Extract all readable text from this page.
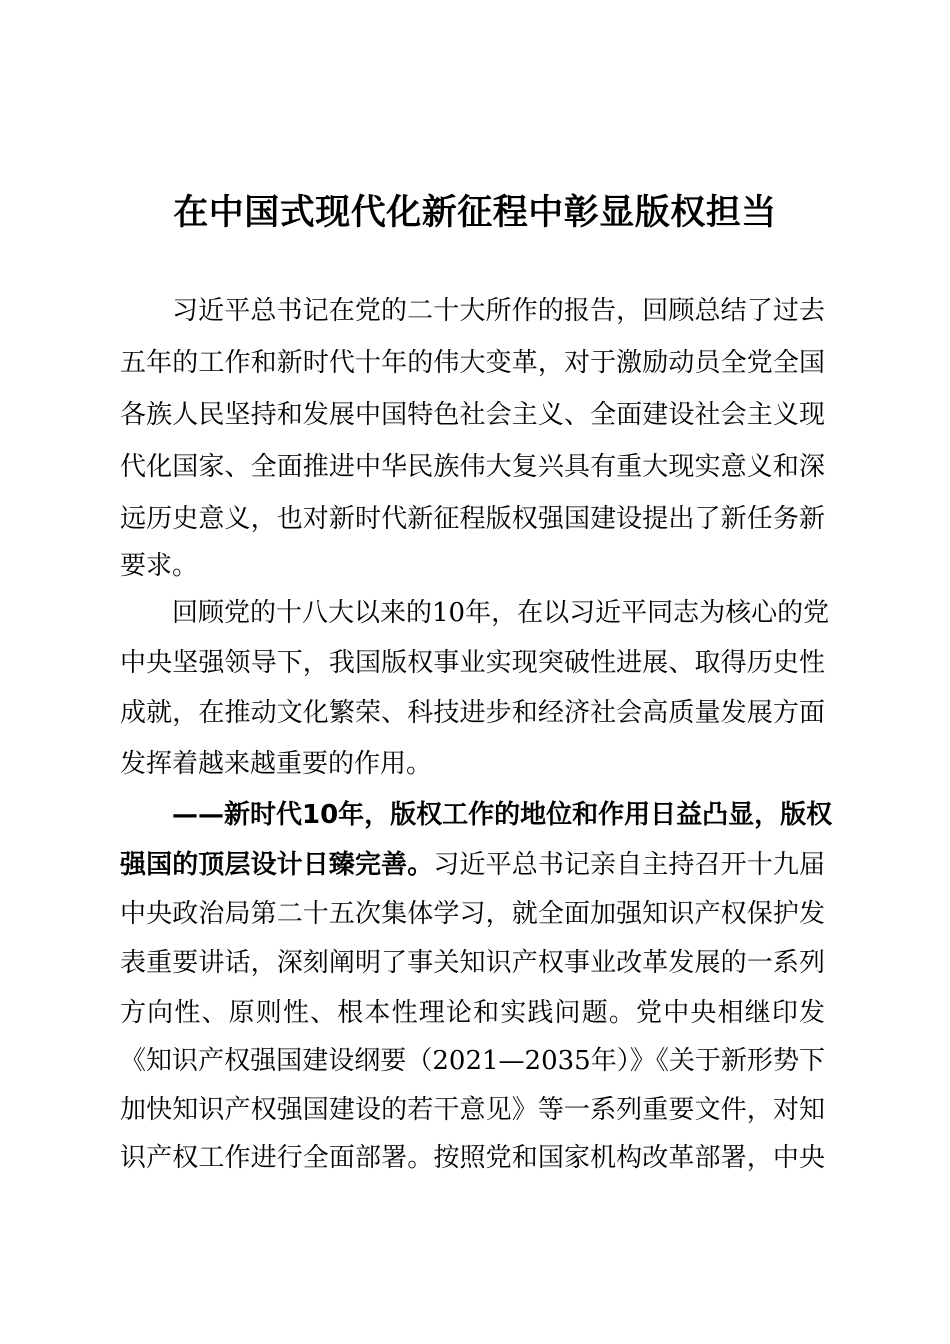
在中国式现代化新征程中彰显版权担当
习近平总书记在党的二十大所作的报告，回顾总结了过去
五年的工作和新时代十年的伟大变革，对于激励动员全党全国
各族人民坚持和发展中国特色社会主义、全面建设社会主义现
代化国家、全面推进中华民族伟大复兴具有重大现实意义和深
远历史意义，也对新时代新征程版权强国建设提出了新任务新
要求。
回顾党的十八大以来的10年，在以习近平同志为核心的党
中央坚强领导下，我国版权事业实现突破性进展、取得历史性
成就，在推动文化繁荣、科技进步和经济社会高质量发展方面
发挥着越来越重要的作用。
——新时代10年，版权工作的地位和作用日益凸显，版权
强国的顶层设计日臻完善。习近平总书记亲自主持召开十九届
中央政治局第二十五次集体学习，就全面加强知识产权保护发
表重要讲话，深刻阐明了事关知识产权事业改革发展的一系列
方向性、原则性、根本性理论和实践问题。党中央相继印发
《知识产权强国建设纲要（2021—2035年）》《关于新形势下
加快知识产权强国建设的若干意见》等一系列重要文件，对知
识产权工作进行全面部署。按照党和国家机构改革部署，中央
